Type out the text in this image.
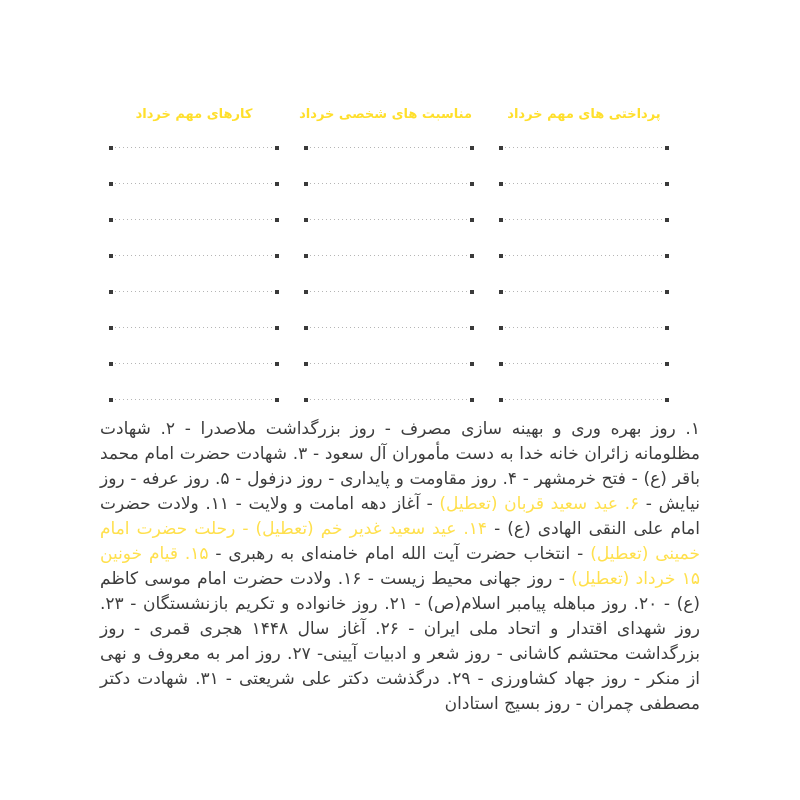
کارهای مهم خرداد	مناسبت های شخصی خرداد	پرداختی های مهم خرداد

۱. روز بهره وری و بهینه سازی مصرف - روز بزرگداشت ملاصدرا - ۲. شهادت مظلومانه زائران خانه خدا به دست مأموران آل سعود - ۳. شهادت حضرت امام محمد باقر (ع) - فتح خرمشهر - ۴. روز مقاومت و پایداری - روز دزفول - ۵. روز عرفه - روز نیایش - ۶. عید سعید قربان (تعطیل) - آغاز دهه امامت و ولایت - ۱۱. ولادت حضرت امام علی النقی الهادی (ع) - ۱۴. عید سعید غدیر خم (تعطیل) - رحلت حضرت امام خمینی (تعطیل) - انتخاب حضرت آیت الله امام خامنه‌ای به رهبری - ۱۵. قیام خونین ۱۵ خرداد (تعطیل) - روز جهانی محیط زیست - ۱۶. ولادت حضرت امام موسی کاظم (ع) - ۲۰. روز مباهله پیامبر اسلام(ص) - ۲۱. روز خانواده و تکریم بازنشستگان - ۲۳. روز شهدای اقتدار و اتحاد ملی ایران - ۲۶. آغاز سال ۱۴۴۸ هجری قمری - روز بزرگداشت محتشم کاشانی - روز شعر و ادبیات آیینی- ۲۷. روز امر به معروف و نهی از منکر - روز جهاد کشاورزی - ۲۹. درگذشت دکتر علی شریعتی - ۳۱. شهادت دکتر مصطفی چمران - روز بسیج استادان
